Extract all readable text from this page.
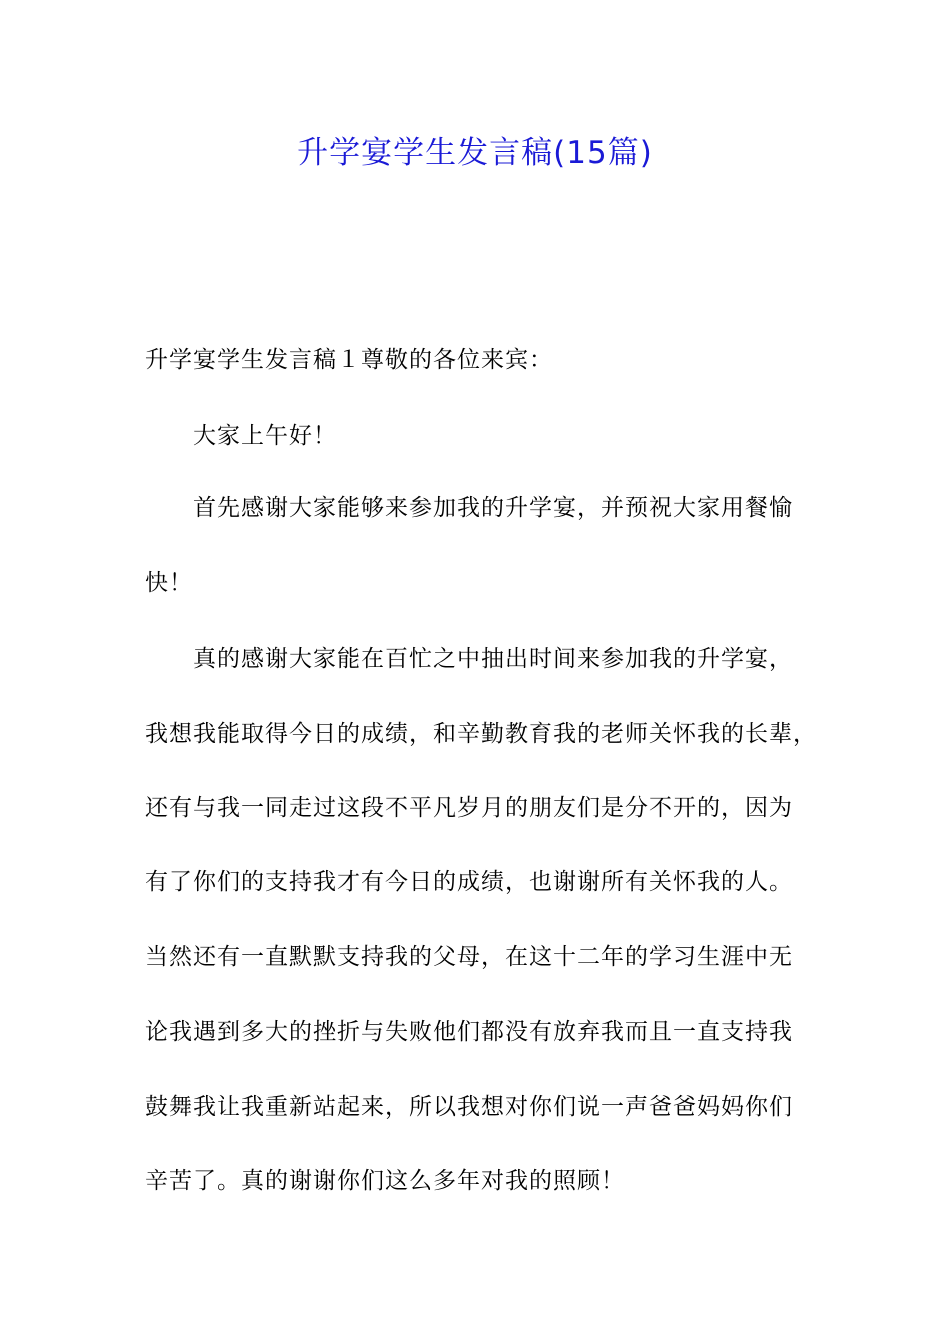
升学宴学生发言稿(15篇)

升学宴学生发言稿１尊敬的各位来宾：

大家上午好！

首先感谢大家能够来参加我的升学宴，并预祝大家用餐愉

快！

真的感谢大家能在百忙之中抽出时间来参加我的升学宴，

我想我能取得今日的成绩，和辛勤教育我的老师关怀我的长辈，

还有与我一同走过这段不平凡岁月的朋友们是分不开的，因为

有了你们的支持我才有今日的成绩，也谢谢所有关怀我的人。

当然还有一直默默支持我的父母，在这十二年的学习生涯中无

论我遇到多大的挫折与失败他们都没有放弃我而且一直支持我

鼓舞我让我重新站起来，所以我想对你们说一声爸爸妈妈你们

辛苦了。真的谢谢你们这么多年对我的照顾！
